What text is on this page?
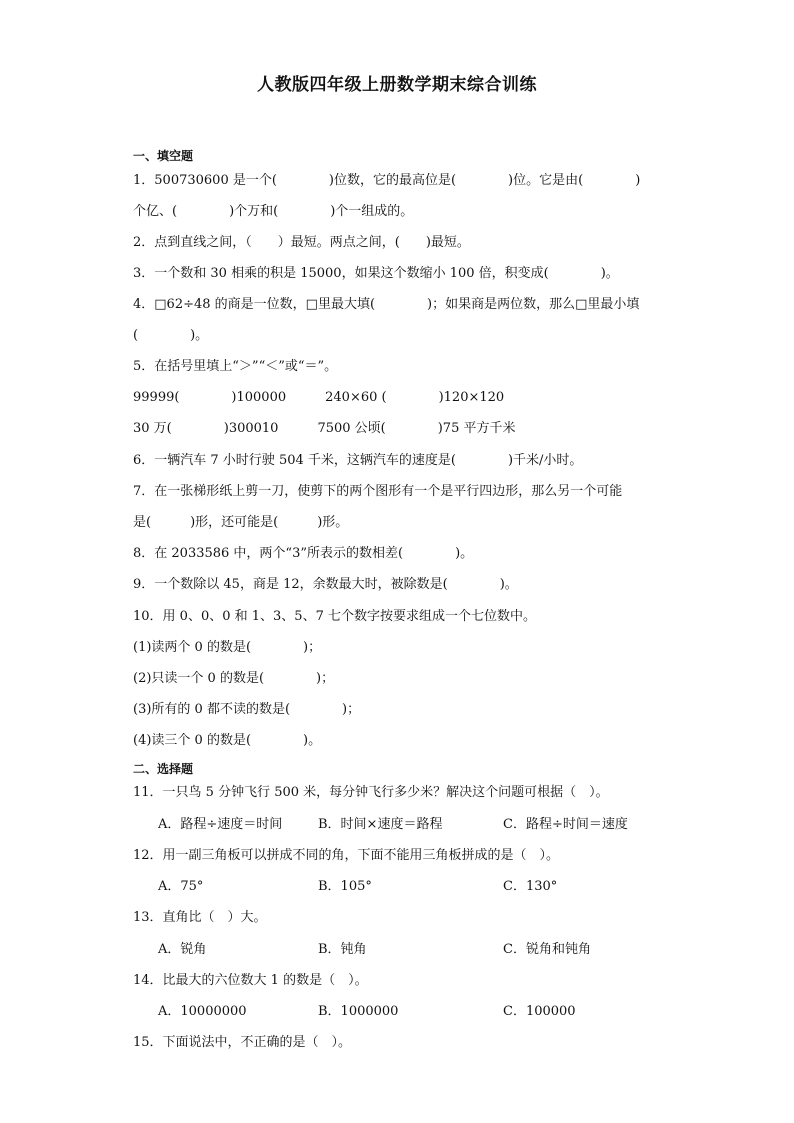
人教版四年级上册数学期末综合训练
一、填空题
1．500730600 是一个(　　　　)位数，它的最高位是(　　　　)位。它是由(　　　　)
个亿、(　　　　)个万和(　　　　)个一组成的。
2．点到直线之间，（　　）最短。两点之间，(　　)最短。
3．一个数和 30 相乘的积是 15000，如果这个数缩小 100 倍，积变成(　　　　)。
4．□62÷48 的商是一位数，□里最大填(　　　　)；如果商是两位数，那么□里最小填
(　　　　)。
5．在括号里填上“＞”“＜”或“＝”。
99999(　　　　)100000　　　240×60 (　　　　)120×120
30 万(　　　　)300010　　　7500 公顷(　　　　)75 平方千米
6．一辆汽车 7 小时行驶 504 千米，这辆汽车的速度是(　　　　)千米/小时。
7．在一张梯形纸上剪一刀，使剪下的两个图形有一个是平行四边形，那么另一个可能
是(　　　)形，还可能是(　　　)形。
8．在 2033586 中，两个“3”所表示的数相差(　　　　)。
9．一个数除以 45，商是 12，余数最大时，被除数是(　　　　)。
10．用 0、0、0 和 1、3、5、7 七个数字按要求组成一个七位数中。
(1)读两个 0 的数是(　　　　)；
(2)只读一个 0 的数是(　　　　)；
(3)所有的 0 都不读的数是(　　　　)；
(4)读三个 0 的数是(　　　　)。
二、选择题
11．一只鸟 5 分钟飞行 500 米，每分钟飞行多少米？解决这个问题可根据（　）。
A．路程÷速度＝时间	B．时间×速度＝路程	C．路程÷时间＝速度
12．用一副三角板可以拼成不同的角，下面不能用三角板拼成的是（　）。
A．75°	B．105°	C．130°
13．直角比（　）大。
A．锐角	B．钝角	C．锐角和钝角
14．比最大的六位数大 1 的数是（　）。
A．10000000	B．1000000	C．100000
15．下面说法中，不正确的是（　）。
